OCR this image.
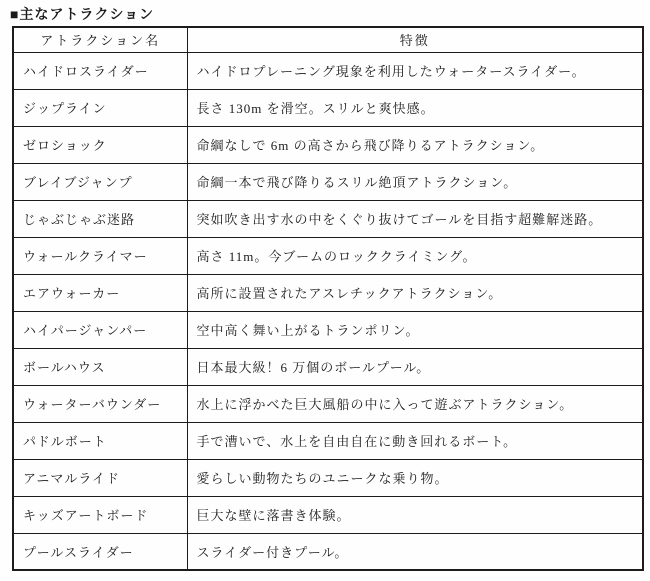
■主なアトラクション
アトラクション名	特徴
ハイドロスライダー	ハイドロプレーニング現象を利用したウォータースライダー。
ジップライン	長さ 130m を滑空。スリルと爽快感。
ゼロショック	命綱なしで 6m の高さから飛び降りるアトラクション。
ブレイブジャンプ	命綱一本で飛び降りるスリル絶頂アトラクション。
じゃぶじゃぶ迷路	突如吹き出す水の中をくぐり抜けてゴールを目指す超難解迷路。
ウォールクライマー	高さ 11m。今ブームのロッククライミング。
エアウォーカー	高所に設置されたアスレチックアトラクション。
ハイパージャンパー	空中高く舞い上がるトランポリン。
ボールハウス	日本最大級！6 万個のボールプール。
ウォーターバウンダー	水上に浮かべた巨大風船の中に入って遊ぶアトラクション。
パドルボート	手で漕いで、水上を自由自在に動き回れるボート。
アニマルライド	愛らしい動物たちのユニークな乗り物。
キッズアートボード	巨大な壁に落書き体験。
プールスライダー	スライダー付きプール。
